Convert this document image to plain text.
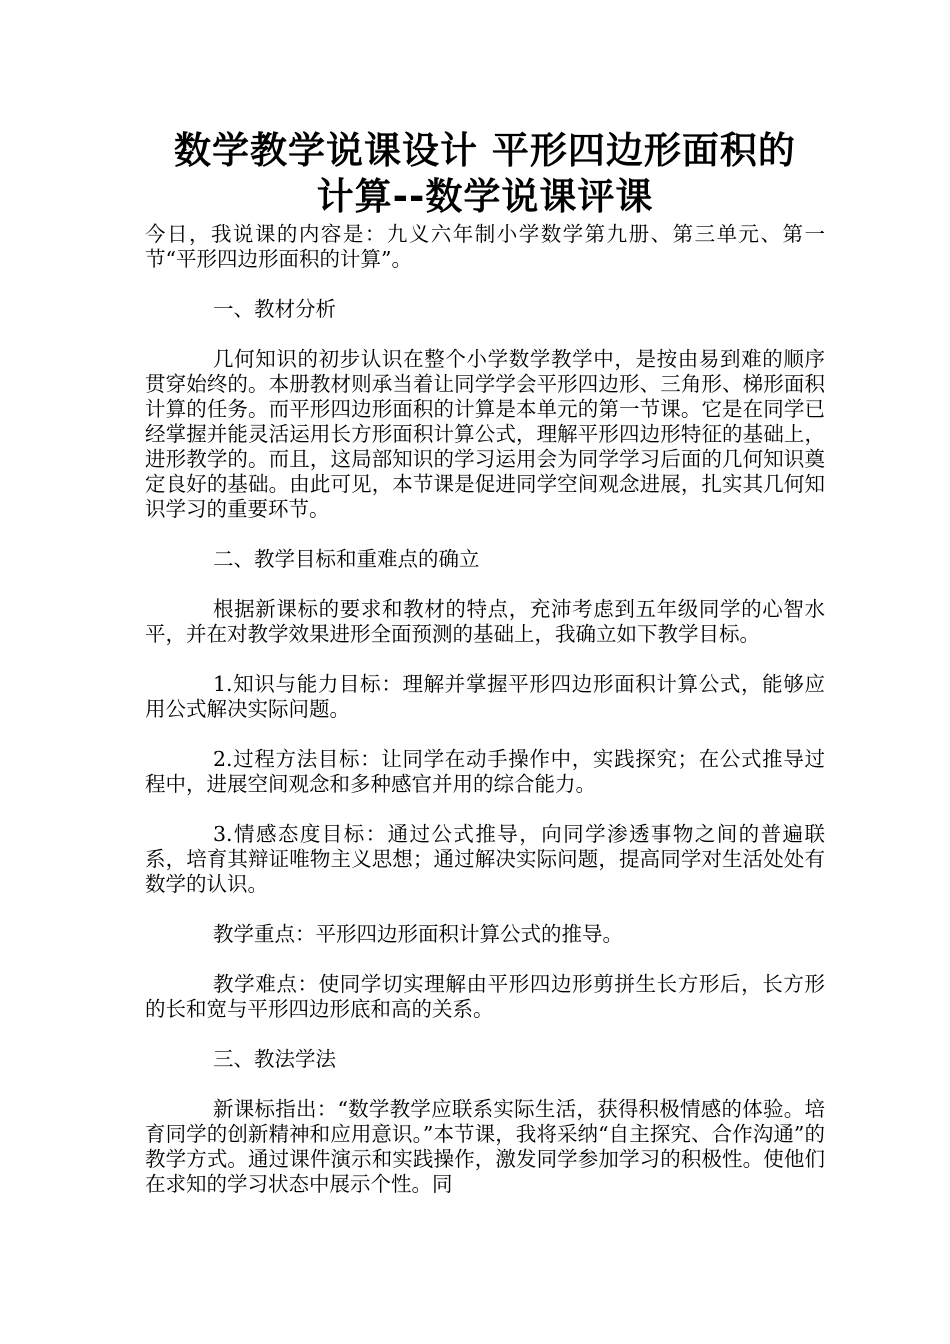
数学教学说课设计 平形四边形面积的
计算--数学说课评课

今日，我说课的内容是：九义六年制小学数学第九册、第三单元、第一节“平形四边形面积的计算”。

一、教材分析

几何知识的初步认识在整个小学数学教学中，是按由易到难的顺序贯穿始终的。本册教材则承当着让同学学会平形四边形、三角形、梯形面积计算的任务。而平形四边形面积的计算是本单元的第一节课。它是在同学已经掌握并能灵活运用长方形面积计算公式，理解平形四边形特征的基础上，进形教学的。而且，这局部知识的学习运用会为同学学习后面的几何知识奠定良好的基础。由此可见，本节课是促进同学空间观念进展，扎实其几何知识学习的重要环节。

二、教学目标和重难点的确立

根据新课标的要求和教材的特点，充沛考虑到五年级同学的心智水平，并在对教学效果进形全面预测的基础上，我确立如下教学目标。

1.知识与能力目标：理解并掌握平形四边形面积计算公式，能够应用公式解决实际问题。

2.过程方法目标：让同学在动手操作中，实践探究；在公式推导过程中，进展空间观念和多种感官并用的综合能力。

3.情感态度目标：通过公式推导，向同学渗透事物之间的普遍联系，培育其辩证唯物主义思想；通过解决实际问题，提高同学对生活处处有数学的认识。

教学重点：平形四边形面积计算公式的推导。

教学难点：使同学切实理解由平形四边形剪拼生长方形后，长方形的长和宽与平形四边形底和高的关系。

三、教法学法

新课标指出：“数学教学应联系实际生活，获得积极情感的体验。培育同学的创新精神和应用意识。”本节课，我将采纳“自主探究、合作沟通”的教学方式。通过课件演示和实践操作，激发同学参加学习的积极性。使他们在求知的学习状态中展示个性。同
